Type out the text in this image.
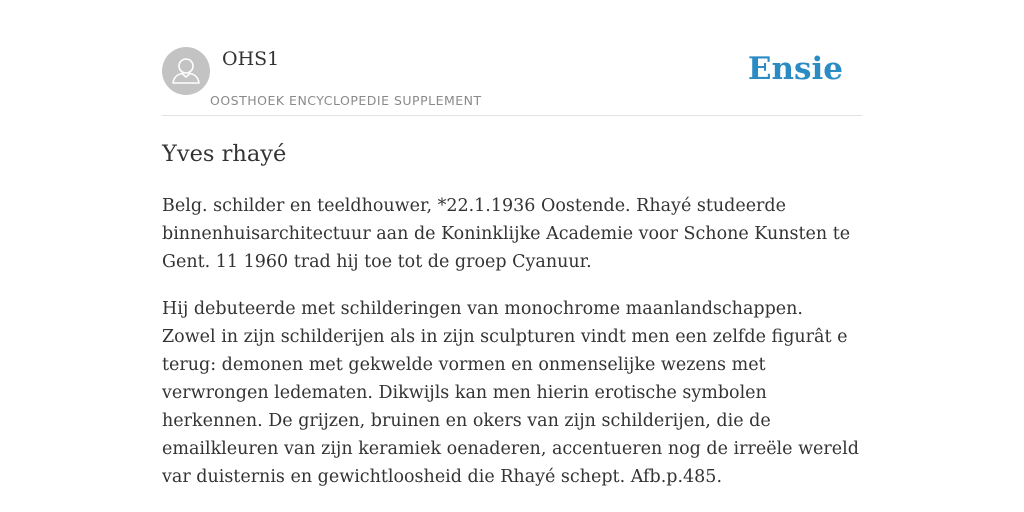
OHS1
OOSTHOEK ENCYCLOPEDIE SUPPLEMENT
Ensie
Yves rhayé

Belg. schilder en teeldhouwer, *22.1.1936 Oostende. Rhayé studeerde binnenhuisarchitectuur aan de Koninklijke Academie voor Schone Kunsten te Gent. 11 1960 trad hij toe tot de groep Cyanuur.

Hij debuteerde met schilderingen van monochrome maanlandschappen. Zowel in zijn schilderijen als in zijn sculpturen vindt men een zelfde figurât e terug: demonen met gekwelde vormen en onmenselijke wezens met verwrongen ledematen. Dikwijls kan men hierin erotische symbolen herkennen. De grijzen, bruinen en okers van zijn schilderijen, die de emailkleuren van zijn keramiek oenaderen, accentueren nog de irreële wereld var duisternis en gewichtloosheid die Rhayé schept. Afb.p.485.
